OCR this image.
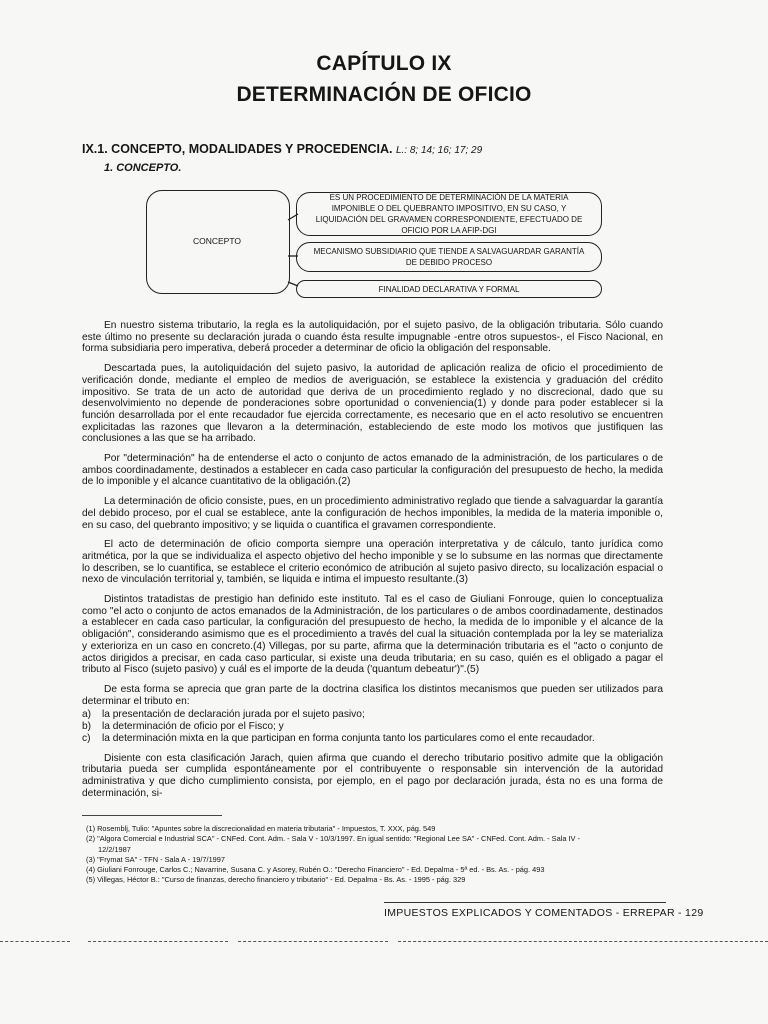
CAPÍTULO IX
DETERMINACIÓN DE OFICIO
IX.1. CONCEPTO, MODALIDADES Y PROCEDENCIA. L.: 8; 14; 16; 17; 29
1. CONCEPTO.
CONCEPTO
ES UN PROCEDIMIENTO DE DETERMINACIÓN DE LA MATERIA IMPONIBLE O DEL QUEBRANTO IMPOSITIVO, EN SU CASO, Y LIQUIDACIÓN DEL GRAVAMEN CORRESPONDIENTE, EFECTUADO DE OFICIO POR LA AFIP-DGI
MECANISMO SUBSIDIARIO QUE TIENDE A SALVAGUARDAR GARANTÍA DE DEBIDO PROCESO
FINALIDAD DECLARATIVA Y FORMAL

En nuestro sistema tributario, la regla es la autoliquidación, por el sujeto pasivo, de la obligación tributaria. Sólo cuando este último no presente su declaración jurada o cuando ésta resulte impugnable -entre otros supuestos-, el Fisco Nacional, en forma subsidiaria pero imperativa, deberá proceder a determinar de oficio la obligación del responsable.

Descartada pues, la autoliquidación del sujeto pasivo, la autoridad de aplicación realiza de oficio el procedimiento de verificación donde, mediante el empleo de medios de averiguación, se establece la existencia y graduación del crédito impositivo. Se trata de un acto de autoridad que deriva de un procedimiento reglado y no discrecional, dado que su desenvolvimiento no depende de ponderaciones sobre oportunidad o conveniencia(1) y donde para poder establecer si la función desarrollada por el ente recaudador fue ejercida correctamente, es necesario que en el acto resolutivo se encuentren explicitadas las razones que llevaron a la determinación, estableciendo de este modo los motivos que justifiquen las conclusiones a las que se ha arribado.

Por "determinación" ha de entenderse el acto o conjunto de actos emanado de la administración, de los particulares o de ambos coordinadamente, destinados a establecer en cada caso particular la configuración del presupuesto de hecho, la medida de lo imponible y el alcance cuantitativo de la obligación.(2)

La determinación de oficio consiste, pues, en un procedimiento administrativo reglado que tiende a salvaguardar la garantía del debido proceso, por el cual se establece, ante la configuración de hechos imponibles, la medida de la materia imponible o, en su caso, del quebranto impositivo; y se liquida o cuantifica el gravamen correspondiente.

El acto de determinación de oficio comporta siempre una operación interpretativa y de cálculo, tanto jurídica como aritmética, por la que se individualiza el aspecto objetivo del hecho imponible y se lo subsume en las normas que directamente lo describen, se lo cuantifica, se establece el criterio económico de atribución al sujeto pasivo directo, su localización espacial o nexo de vinculación territorial y, también, se liquida e intima el impuesto resultante.(3)

Distintos tratadistas de prestigio han definido este instituto. Tal es el caso de Giuliani Fonrouge, quien lo conceptualiza como "el acto o conjunto de actos emanados de la Administración, de los particulares o de ambos coordinadamente, destinados a establecer en cada caso particular, la configuración del presupuesto de hecho, la medida de lo imponible y el alcance de la obligación", considerando asimismo que es el procedimiento a través del cual la situación contemplada por la ley se materializa y exterioriza en un caso en concreto.(4) Villegas, por su parte, afirma que la determinación tributaria es el "acto o conjunto de actos dirigidos a precisar, en cada caso particular, si existe una deuda tributaria; en su caso, quién es el obligado a pagar el tributo al Fisco (sujeto pasivo) y cuál es el importe de la deuda ('quantum debeatur')".(5)

De esta forma se aprecia que gran parte de la doctrina clasifica los distintos mecanismos que pueden ser utilizados para determinar el tributo en:

a)	la presentación de declaración jurada por el sujeto pasivo;
b)	la determinación de oficio por el Fisco; y
c)	la determinación mixta en la que participan en forma conjunta tanto los particulares como el ente recaudador.

Disiente con esta clasificación Jarach, quien afirma que cuando el derecho tributario positivo admite que la obligación tributaria pueda ser cumplida espontáneamente por el contribuyente o responsable sin intervención de la autoridad administrativa y que dicho cumplimiento consista, por ejemplo, en el pago por declaración jurada, ésta no es una forma de determinación, si-

(1) Rosemblj, Tulio: "Apuntes sobre la discrecionalidad en materia tributaria" - Impuestos, T. XXX, pág. 549
(2) "Algora Comercial e Industrial SCA" - CNFed. Cont. Adm. - Sala V - 10/3/1997. En igual sentido: "Regional Lee SA" - CNFed. Cont. Adm. - Sala IV -
12/2/1987
(3) "Frymat SA" - TFN - Sala A - 19/7/1997
(4) Giuliani Fonrouge, Carlos C.; Navarrine, Susana C. y Asorey, Rubén O.: "Derecho Financiero" - Ed. Depalma - 5ª ed. - Bs. As. - pág. 493
(5) Villegas, Héctor B.: "Curso de finanzas, derecho financiero y tributario" - Ed. Depalma - Bs. As. - 1995 - pág. 329
IMPUESTOS EXPLICADOS Y COMENTADOS - ERREPAR - 129
